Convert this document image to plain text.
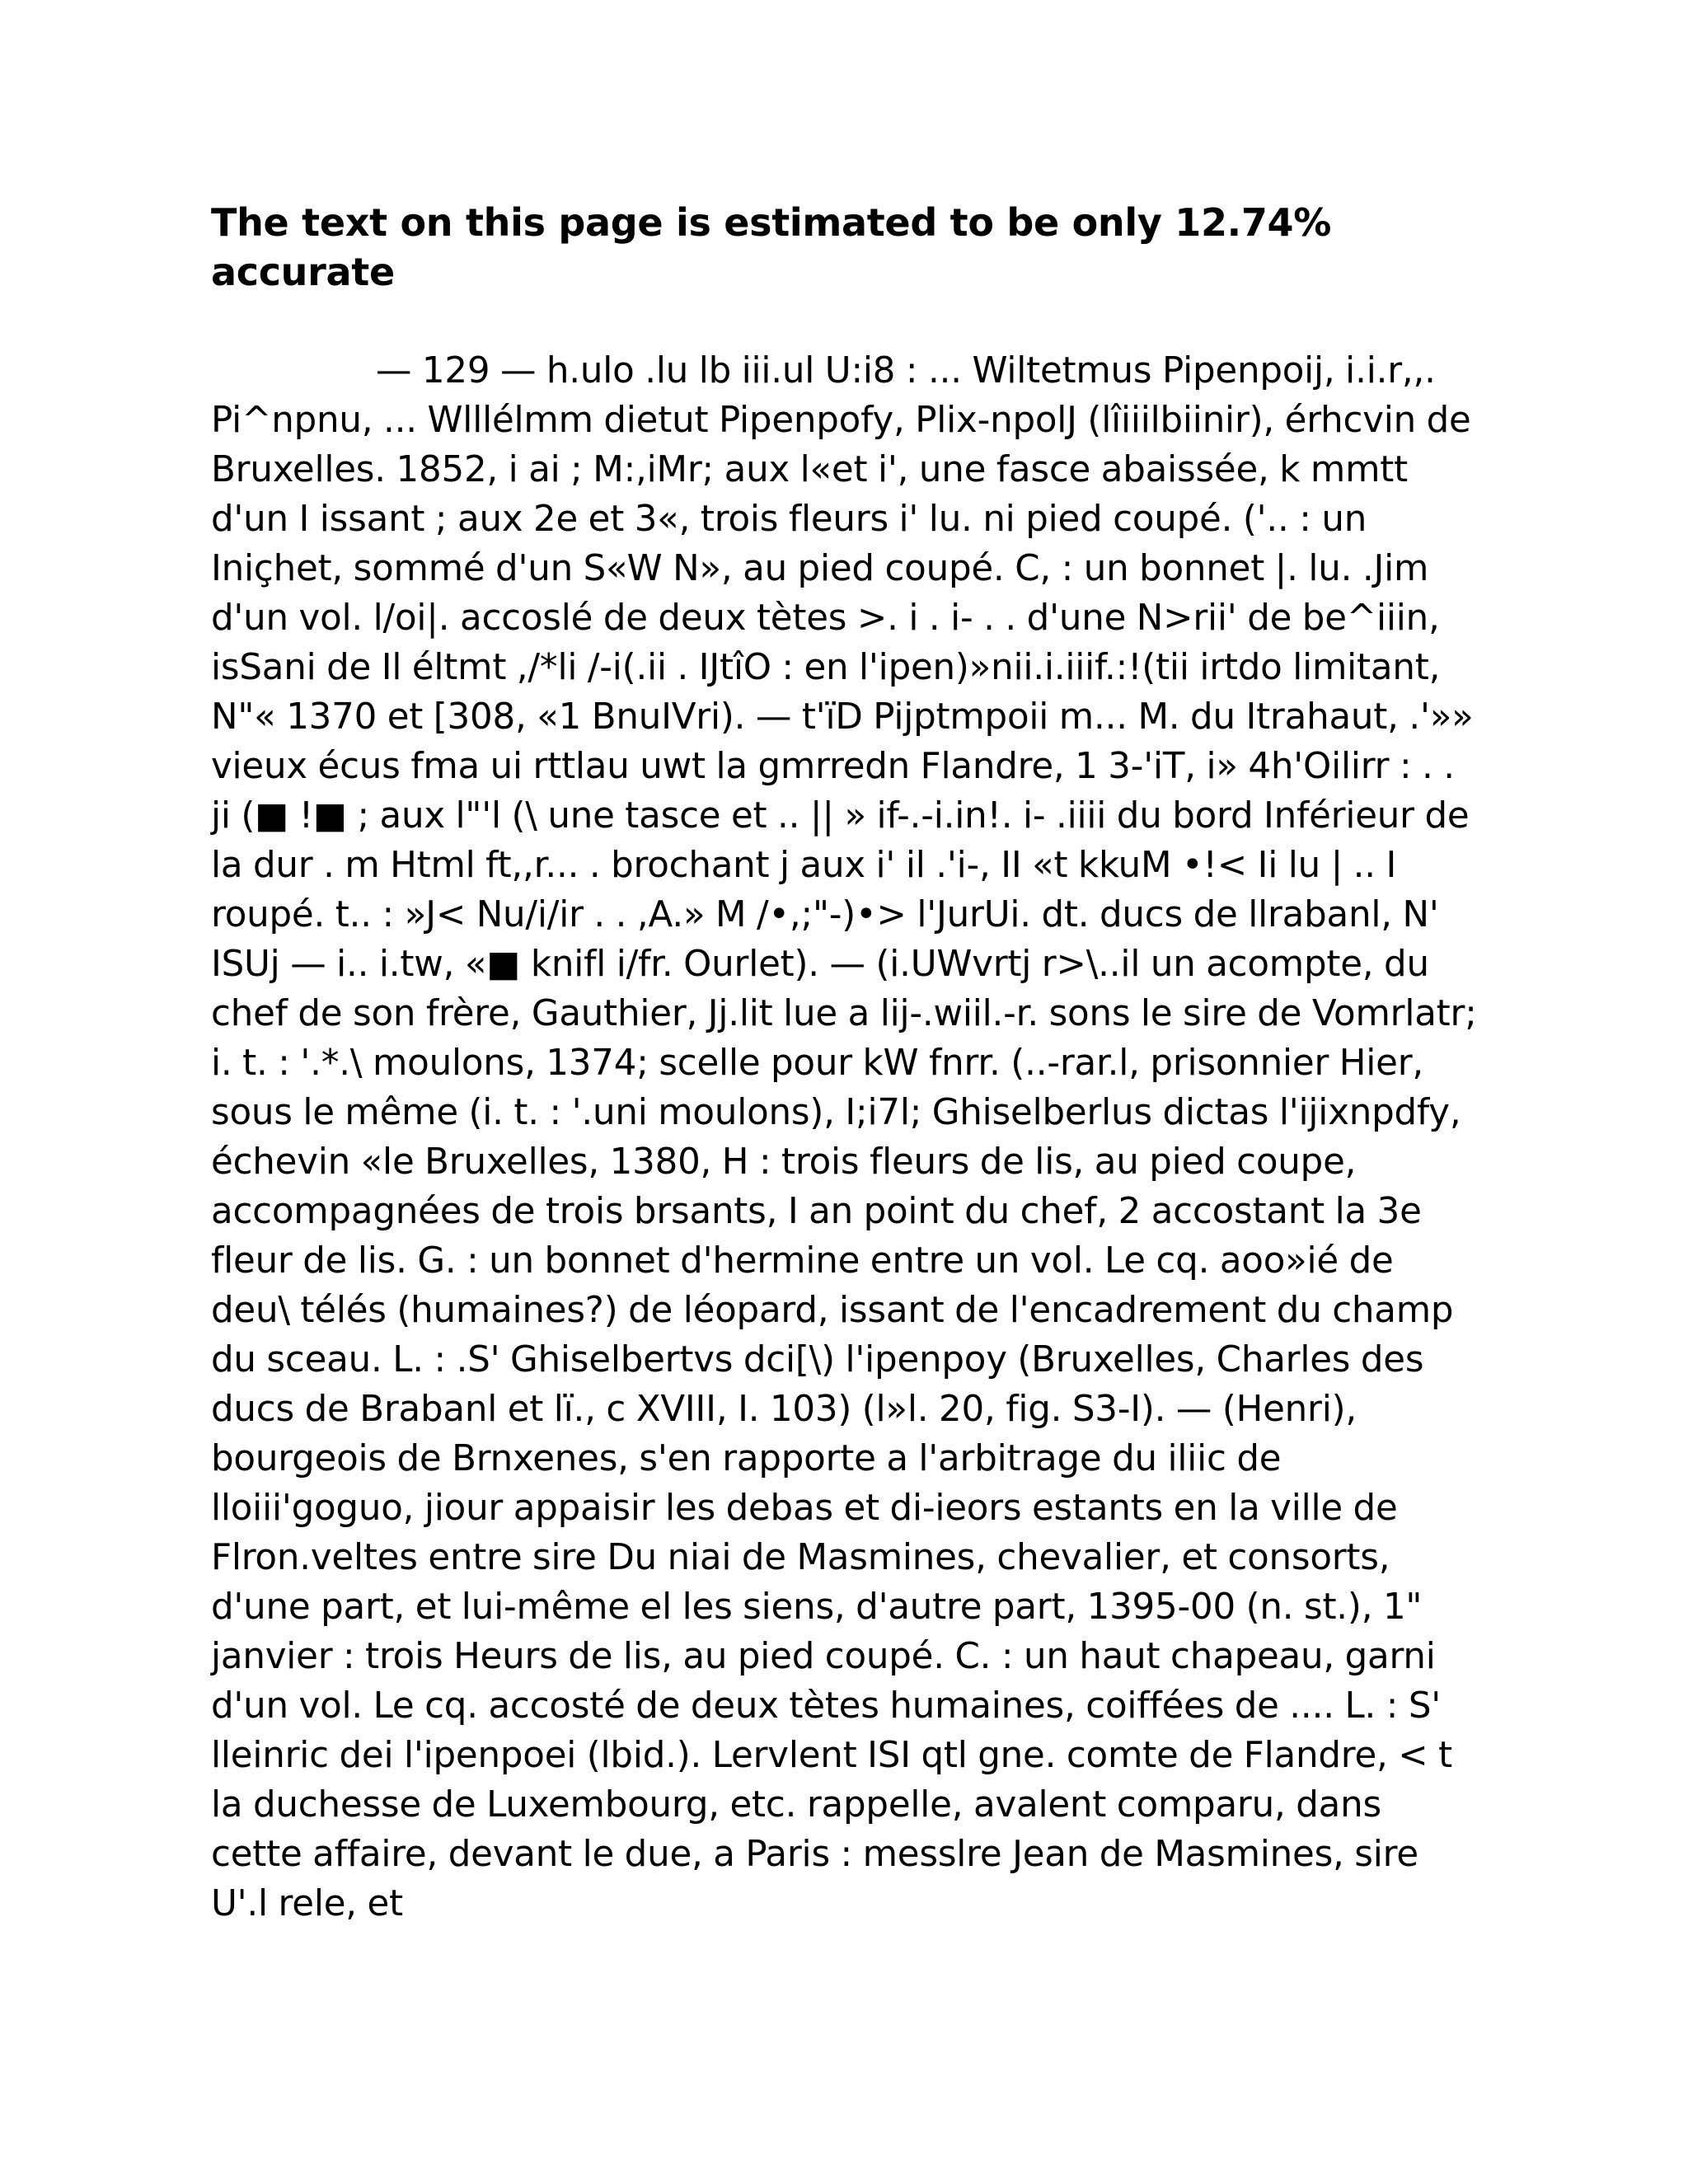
The text on this page is estimated to be only 12.74% accurate

— 129 — h.ulo .lu lb iii.ul U:i8 : ... Wiltetmus Pipenpoij, i.i.r,,. Pi^npnu, ... Wlllélmm dietut Pipenpofy, Plix-npolJ (lîiiilbiinir), érhcvin de Bruxelles. 1852, i ai ; M:,iMr; aux l«et i', une fasce abaissée, k mmtt d'un I issant ; aux 2e et 3«, trois fleurs i' lu. ni pied coupé. ('.. : un Iniçhet, sommé d'un S«W N», au pied coupé. C, : un bonnet |. lu. .Jim d'un vol. l/oi|. accoslé de deux tètes >. i . i- . . d'une N>rii' de be^iiin, isSani de Il éltmt ,/*li /-i(.ii . IJtîO : en l'ipen)»nii.i.iiif.:!(tii irtdo limitant, N"« 1370 et [308, «1 BnuIVri). — t'ïD Pijptmpoii m... M. du Itrahaut, .'»» vieux écus fma ui rttlau uwt la gmrredn Flandre, 1 3-'iT, i» 4h'Oilirr : . . ji (■ !■ ; aux l"'l (\ une tasce et .. || » if-.-i.in!. i- .iiii du bord Inférieur de la dur . m Html ft,,r... . brochant j aux i' il .'i-, II «t kkuM •!< Ii lu | .. I roupé. t.. : »J< Nu/i/ir . . ,A.» M /•,;"-)•> l'JurUi. dt. ducs de llrabanl, N' ISUj — i.. i.tw, «■ knifl i/fr. Ourlet). — (i.UWvrtj r>\..il un acompte, du chef de son frère, Gauthier, Jj.lit lue a lij-.wiil.-r. sons le sire de Vomrlatr; i. t. : '.*.\ moulons, 1374; scelle pour kW fnrr. (..-rar.l, prisonnier Hier, sous le même (i. t. : '.uni moulons), I;i7l; Ghiselberlus dictas l'ijixnpdfy, échevin «le Bruxelles, 1380, H : trois fleurs de lis, au pied coupe, accompagnées de trois brsants, I an point du chef, 2 accostant la 3e fleur de lis. G. : un bonnet d'hermine entre un vol. Le cq. aoo»ié de deu\ télés (humaines?) de léopard, issant de l'encadrement du champ du sceau. L. : .S' Ghiselbertvs dci[\) l'ipenpoy (Bruxelles, Charles des ducs de Brabanl et lï., c XVIII, I. 103) (l»l. 20, fig. S3-I). — (Henri), bourgeois de Brnxenes, s'en rapporte a l'arbitrage du iliic de lloiii'goguo, jiour appaisir les debas et di-ieors estants en la ville de Flron.veltes entre sire Du niai de Masmines, chevalier, et consorts, d'une part, et lui-même el les siens, d'autre part, 1395-00 (n. st.), 1" janvier : trois Heurs de lis, au pied coupé. C. : un haut chapeau, garni d'un vol. Le cq. accosté de deux tètes humaines, coiffées de .... L. : S' lleinric dei l'ipenpoei (lbid.). Lervlent ISI qtl gne. comte de Flandre, < t la duchesse de Luxembourg, etc. rappelle, avalent comparu, dans cette affaire, devant le due, a Paris : messlre Jean de Masmines, sire U'.l rele, et
